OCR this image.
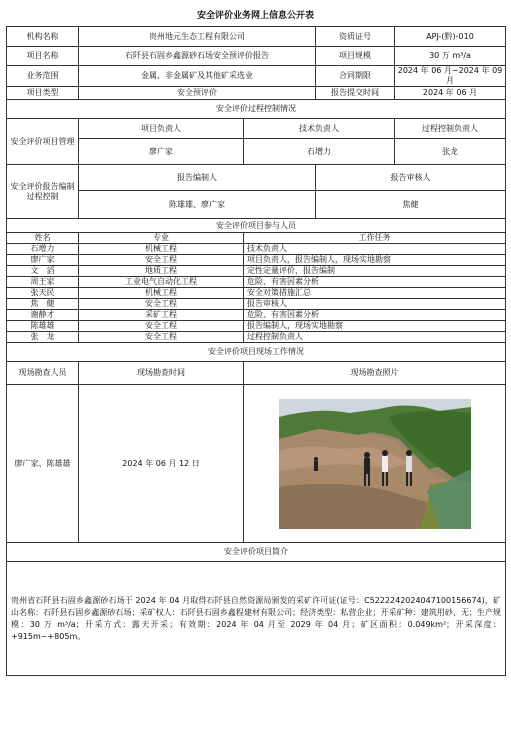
安全评价业务网上信息公开表
机构名称	贵州地元生态工程有限公司		资质证号	APJ-(黔)-010
项目名称	石阡县石固乡鑫源砂石场安全预评价报告		项目规模	30 万 m³/a
业务范围	金属、非金属矿及其他矿采选业		合同期限	2024 年 06 月~2024 年 09 月
项目类型	安全预评价		报告提交时间	2024 年 06 月
安全评价过程控制情况				
安全评价项目管理	项目负责人	技术负责人		过程控制负责人
	廖广家	石增力		张龙
安全评价报告编制过程控制	报告编制人		报告审核人	
	陈雄雄、廖广家		焦健	
安全评价项目参与人员				
姓名	专业	工作任务		
石增力	机械工程	技术负责人		
廖广家	安全工程	项目负责人，报告编制人，现场实地勘察		
文　滔	地质工程	定性定量评价，报告编制		
周王家	工业电气自动化工程	危险、有害因素分析		
张天民	机械工程	安全对策措施汇总		
焦　健	安全工程	报告审核人		
谢静才	采矿工程	危险、有害因素分析		
陈雄雄	安全工程	报告编制人，现场实地勘察		
张　龙	安全工程	过程控制负责人		
安全评价项目现场工作情况				
现场勘查人员	现场勘查时间	现场勘查照片		
廖广家、陈雄雄	2024 年 06 月 12 日	

安全评价项目简介				
贵州省石阡县石固乡鑫源砂石场于 2024 年 04 月取得石阡县自然资源局颁发的采矿许可证(证号：C5222242024047100156674)，矿山名称：石阡县石固乡鑫源砂石场；采矿权人：石阡县石固乡鑫程建材有限公司；经济类型：私营企业；开采矿种：建筑用砂、无；生产规模：30 万 m³/a；开采方式：露天开采；有效期：2024 年 04 月至 2029 年 04 月；矿区面积：0.049km²；开采深度：+915m~+805m。				
